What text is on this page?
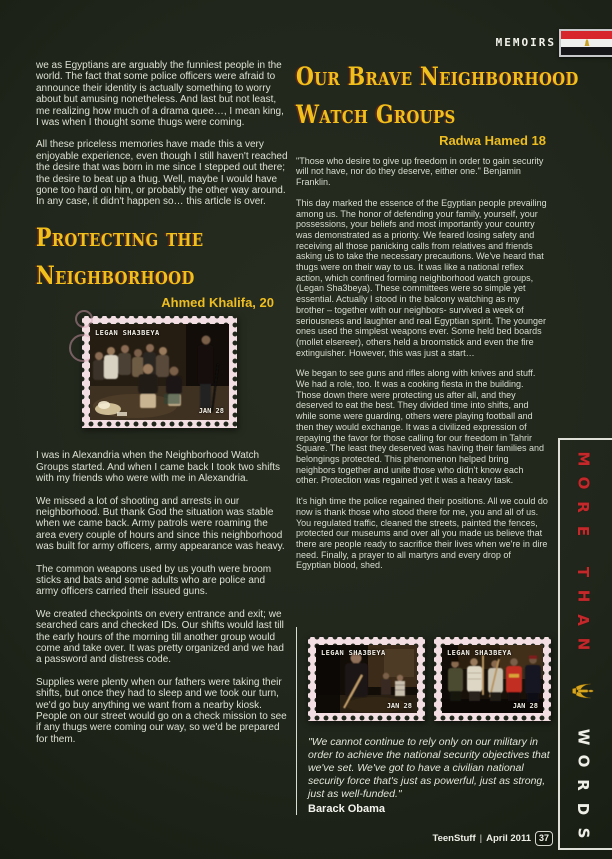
MEMOIRS

we as Egyptians are arguably the funniest people in the world. The fact that some police officers were afraid to announce their identity is actually something to worry about but amusing nonetheless. And last but not least, me realizing how much of a drama quee…, I mean king, I was when I thought some thugs were coming.

All these priceless memories have made this a very enjoyable experience, even though I still haven't reached the desire that was born in me since I stepped out there; the desire to beat up a thug. Well, maybe I would have gone too hard on him, or probably the other way around. In any case, it didn't happen so… this article is over.

Protecting the
Neighborhood
Ahmed Khalifa, 20
LEGAN SHA3BEYA
JAN 28

I was in Alexandria when the Neighborhood Watch Groups started. And when I came back I took two shifts with my friends who were with me in Alexandria.

We missed a lot of shooting and arrests in our neighborhood. But thank God the situation was stable when we came back. Army patrols were roaming the area every couple of hours and since this neighborhood was built for army officers, army appearance was heavy.

The common weapons used by us youth were broom sticks and bats and some adults who are police and army officers carried their issued guns.

We created checkpoints on every entrance and exit; we searched cars and checked IDs. Our shifts would last till the early hours of the morning till another group would come and take over. It was pretty organized and we had a password and distress code.

Supplies were plenty when our fathers were taking their shifts, but once they had to sleep and we took our turn, we'd go buy anything we want from a nearby kiosk. People on our street would go on a check mission to see if any thugs were coming our way, so we'd be prepared for them.

Our Brave Neighborhood
Watch Groups
Radwa Hamed 18

"Those who desire to give up freedom in order to gain security will not have, nor do they deserve, either one." Benjamin Franklin.

This day marked the essence of the Egyptian people prevailing among us. The honor of defending your family, yourself, your possessions, your beliefs and most importantly your country was demonstrated as a priority. We feared losing safety and receiving all those panicking calls from relatives and friends asking us to take the necessary precautions. We've heard that thugs were on their way to us. It was like a national reflex action, which confined forming neighborhood watch groups, (Legan Sha3beya). These committees were so simple yet essential. Actually I stood in the balcony watching as my brother – together with our neighbors- survived a week of seriousness and laughter and real Egyptian spirit. The younger ones used the simplest weapons ever. Some held bed boards (mollet elsereer), others held a broomstick and even the fire extinguisher. However, this was just a start…

We began to see guns and rifles along with knives and stuff. We had a role, too. It was a cooking fiesta in the building. Those down there were protecting us after all, and they deserved to eat the best. They divided time into shifts, and while some were guarding, others were playing football and then they would exchange. It was a civilized expression of repaying the favor for those calling for our freedom in Tahrir Square. The least they deserved was having their families and belongings protected. This phenomenon helped bring neighbors together and unite those who didn't know each other. Protection was regained yet it was a heavy task.

It's high time the police regained their positions. All we could do now is thank those who stood there for me, you and all of us. You regulated traffic, cleaned the streets, painted the fences, protected our museums and over all you made us believe that there are people ready to sacrifice their lives when we're in dire need. Finally, a prayer to all martyrs and every drop of Egyptian blood, shed.

LEGAN SHA3BEYA
JAN 28
LEGAN SHA3BEYA
JAN 28

"We cannot continue to rely only on our military in order to achieve the national security objectives that we've set. We've got to have a civilian national security force that's just as powerful, just as strong, just as well-funded."

Barack Obama
TeenStuff | April 2011 37
M
O
R
E
T
H
A
N
W
O
R
D
S
